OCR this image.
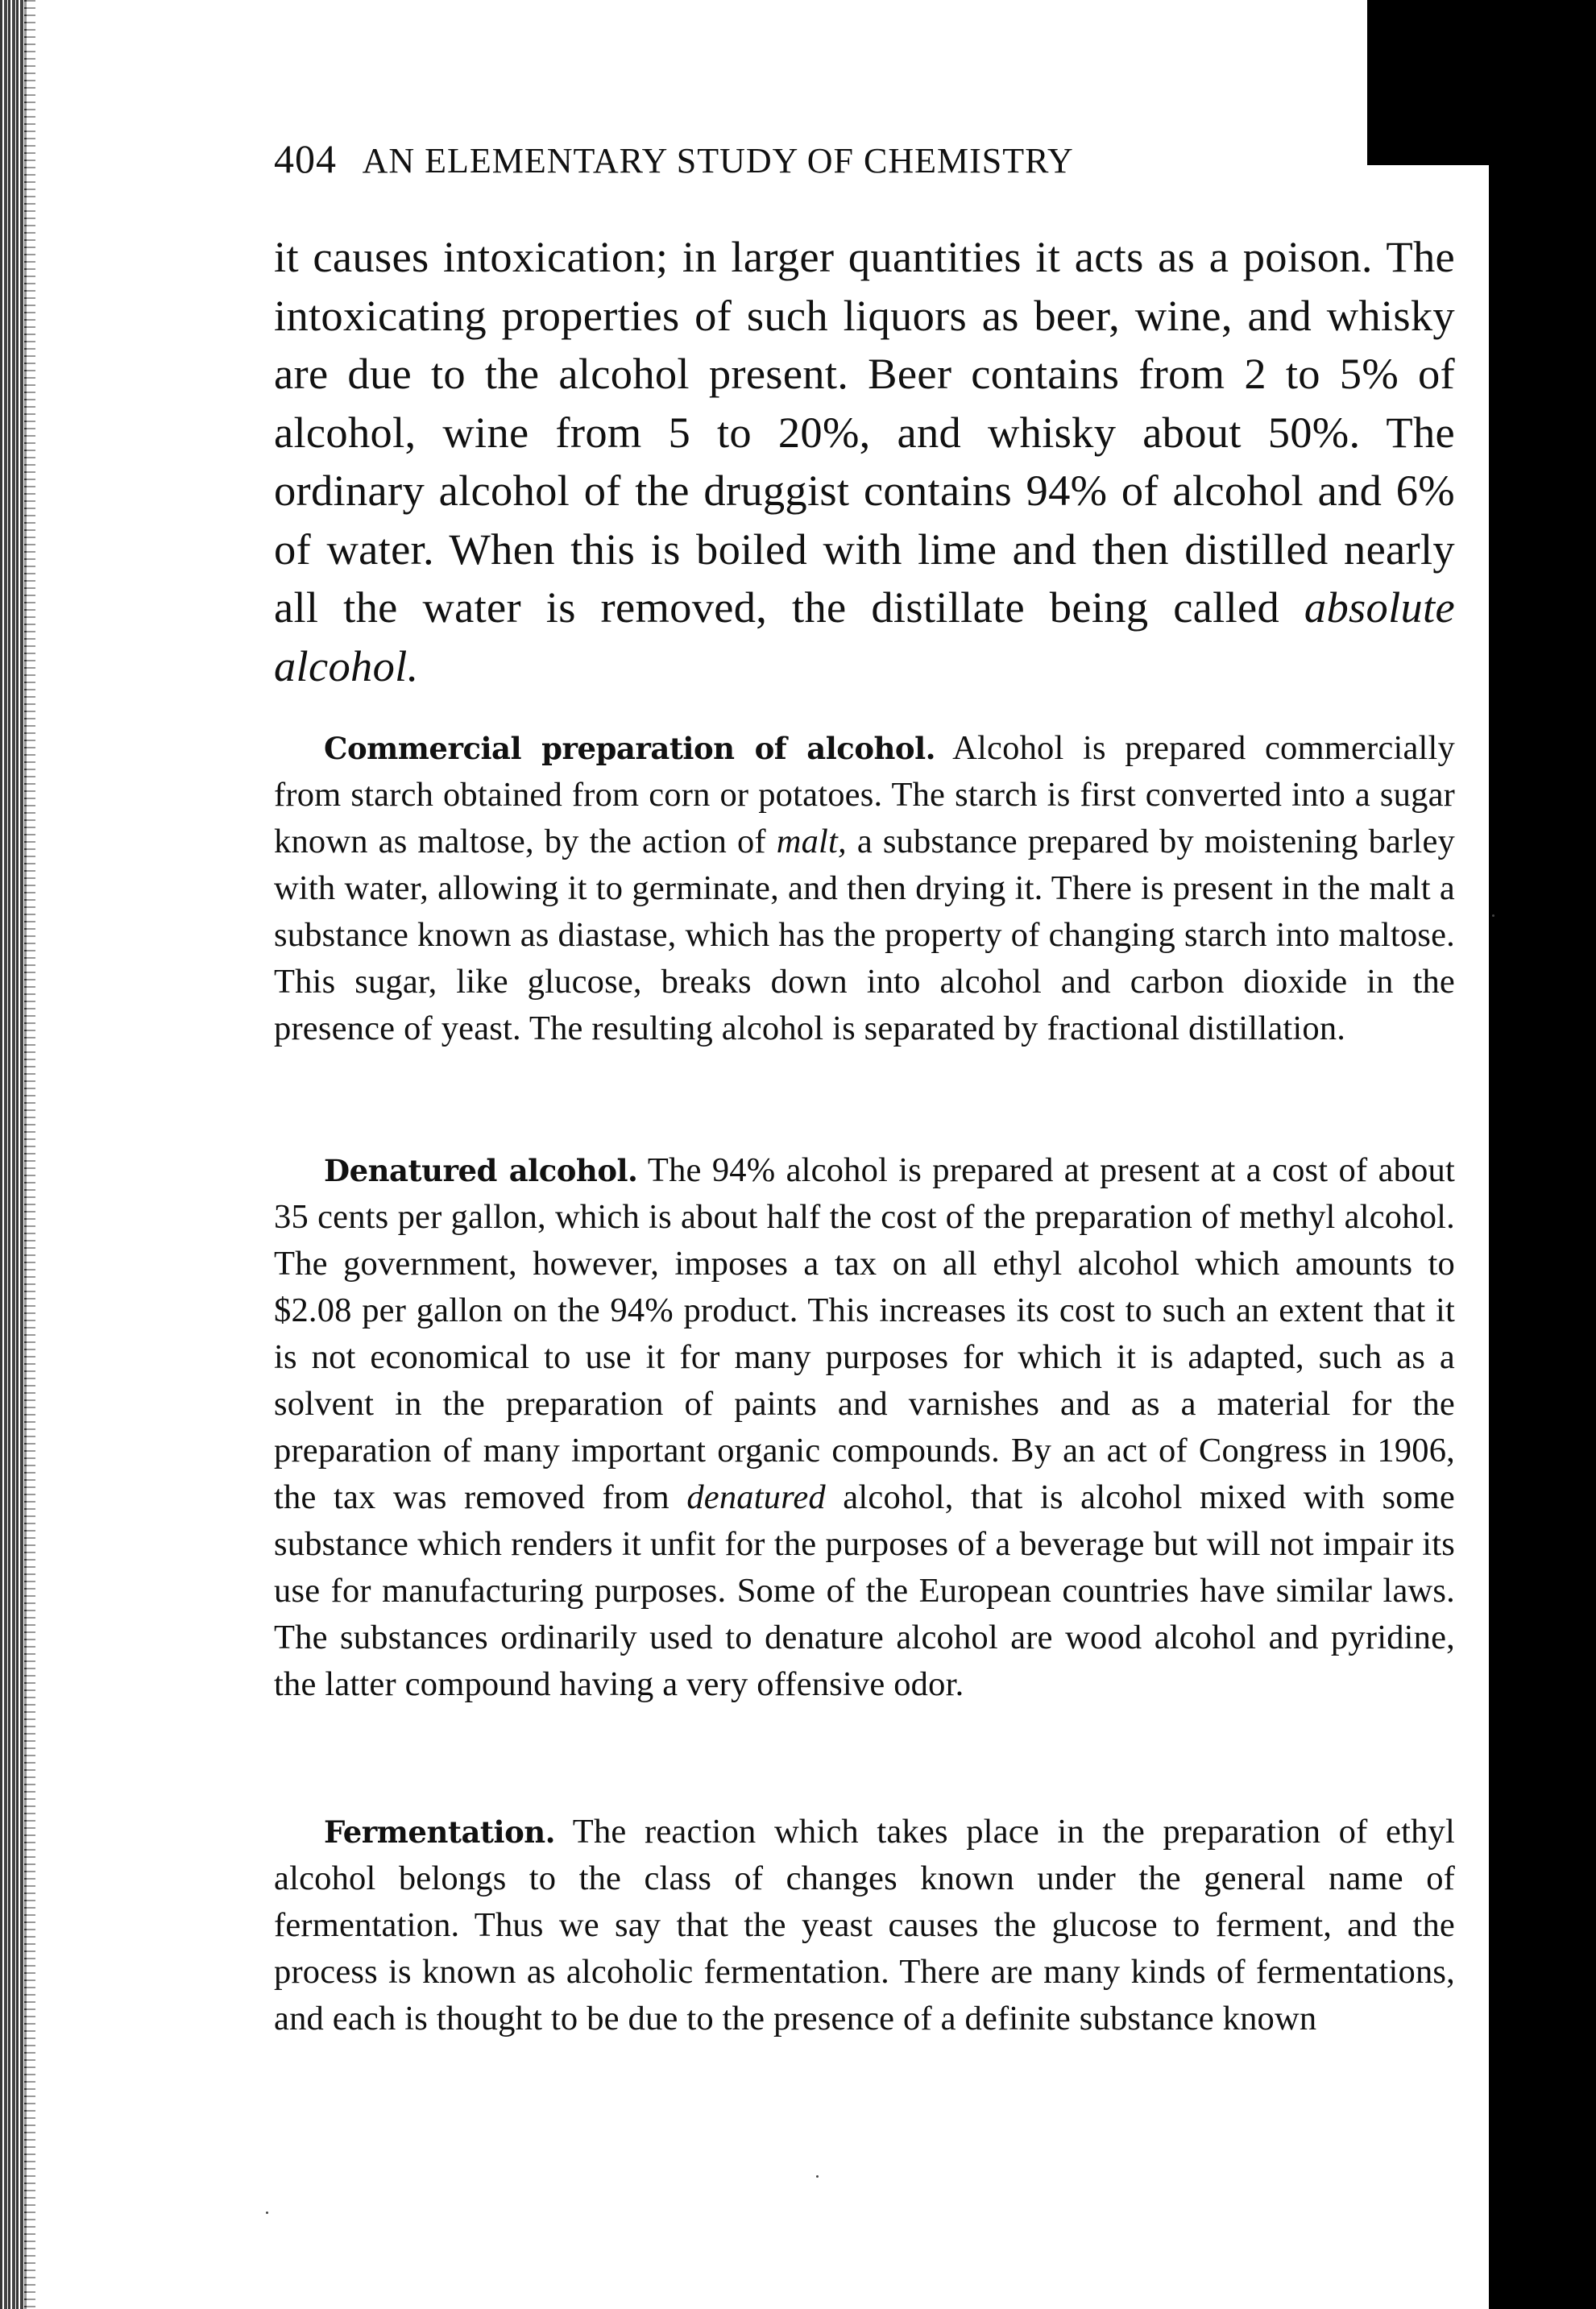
404 AN ELEMENTARY STUDY OF CHEMISTRY
it causes intoxication; in larger quantities it acts as a poison. The intoxicating properties of such liquors as beer, wine, and whisky are due to the alcohol present. Beer contains from 2 to 5% of alcohol, wine from 5 to 20%, and whisky about 50%. The ordinary alcohol of the druggist contains 94% of alcohol and 6% of water. When this is boiled with lime and then distilled nearly all the water is removed, the distillate being called absolute alcohol.
Commercial preparation of alcohol. Alcohol is prepared commercially from starch obtained from corn or potatoes. The starch is first converted into a sugar known as maltose, by the action of malt, a substance prepared by moistening barley with water, allowing it to germinate, and then drying it. There is present in the malt a substance known as diastase, which has the property of changing starch into maltose. This sugar, like glucose, breaks down into alcohol and carbon dioxide in the presence of yeast. The resulting alcohol is separated by fractional distillation.
Denatured alcohol. The 94% alcohol is prepared at present at a cost of about 35 cents per gallon, which is about half the cost of the preparation of methyl alcohol. The government, however, imposes a tax on all ethyl alcohol which amounts to $2.08 per gallon on the 94% product. This increases its cost to such an extent that it is not economical to use it for many purposes for which it is adapted, such as a solvent in the preparation of paints and varnishes and as a material for the preparation of many important organic compounds. By an act of Congress in 1906, the tax was removed from denatured alcohol, that is alcohol mixed with some substance which renders it unfit for the purposes of a beverage but will not impair its use for manufacturing purposes. Some of the European countries have similar laws. The substances ordinarily used to denature alcohol are wood alcohol and pyridine, the latter compound having a very offensive odor.
Fermentation. The reaction which takes place in the preparation of ethyl alcohol belongs to the class of changes known under the general name of fermentation. Thus we say that the yeast causes the glucose to ferment, and the process is known as alcoholic fermentation. There are many kinds of fermentations, and each is thought to be due to the presence of a definite substance known
